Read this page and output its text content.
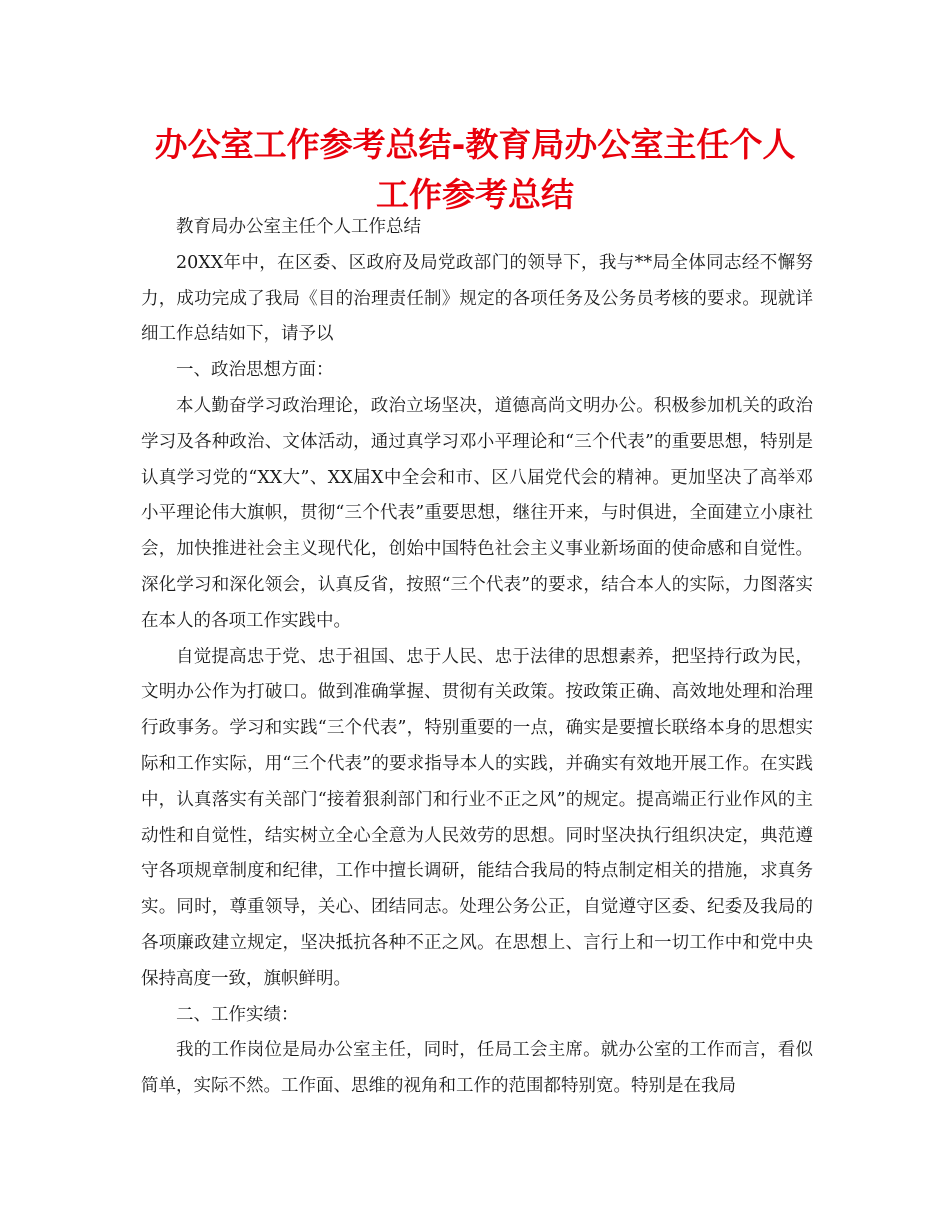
办公室工作参考总结-教育局办公室主任个人工作参考总结

教育局办公室主任个人工作总结

20XX年中，在区委、区政府及局党政部门的领导下，我与**局全体同志经不懈努力，成功完成了我局《目的治理责任制》规定的各项任务及公务员考核的要求。现就详细工作总结如下，请予以

一、政治思想方面：

本人勤奋学习政治理论，政治立场坚决，道德高尚文明办公。积极参加机关的政治学习及各种政治、文体活动，通过真学习邓小平理论和“三个代表”的重要思想，特别是认真学习党的“XX大”、XX届X中全会和市、区八届党代会的精神。更加坚决了高举邓小平理论伟大旗帜，贯彻“三个代表”重要思想，继往开来，与时俱进，全面建立小康社会，加快推进社会主义现代化，创始中国特色社会主义事业新场面的使命感和自觉性。深化学习和深化领会，认真反省，按照“三个代表”的要求，结合本人的实际，力图落实在本人的各项工作实践中。

自觉提高忠于党、忠于祖国、忠于人民、忠于法律的思想素养，把坚持行政为民，文明办公作为打破口。做到准确掌握、贯彻有关政策。按政策正确、高效地处理和治理行政事务。学习和实践“三个代表”，特别重要的一点，确实是要擅长联络本身的思想实际和工作实际，用“三个代表”的要求指导本人的实践，并确实有效地开展工作。在实践中，认真落实有关部门“接着狠刹部门和行业不正之风”的规定。提高端正行业作风的主动性和自觉性，结实树立全心全意为人民效劳的思想。同时坚决执行组织决定，典范遵守各项规章制度和纪律，工作中擅长调研，能结合我局的特点制定相关的措施，求真务实。同时，尊重领导，关心、团结同志。处理公务公正，自觉遵守区委、纪委及我局的各项廉政建立规定，坚决抵抗各种不正之风。在思想上、言行上和一切工作中和党中央保持高度一致，旗帜鲜明。

二、工作实绩：

我的工作岗位是局办公室主任，同时，任局工会主席。就办公室的工作而言，看似简单，实际不然。工作面、思维的视角和工作的范围都特别宽。特别是在我局
